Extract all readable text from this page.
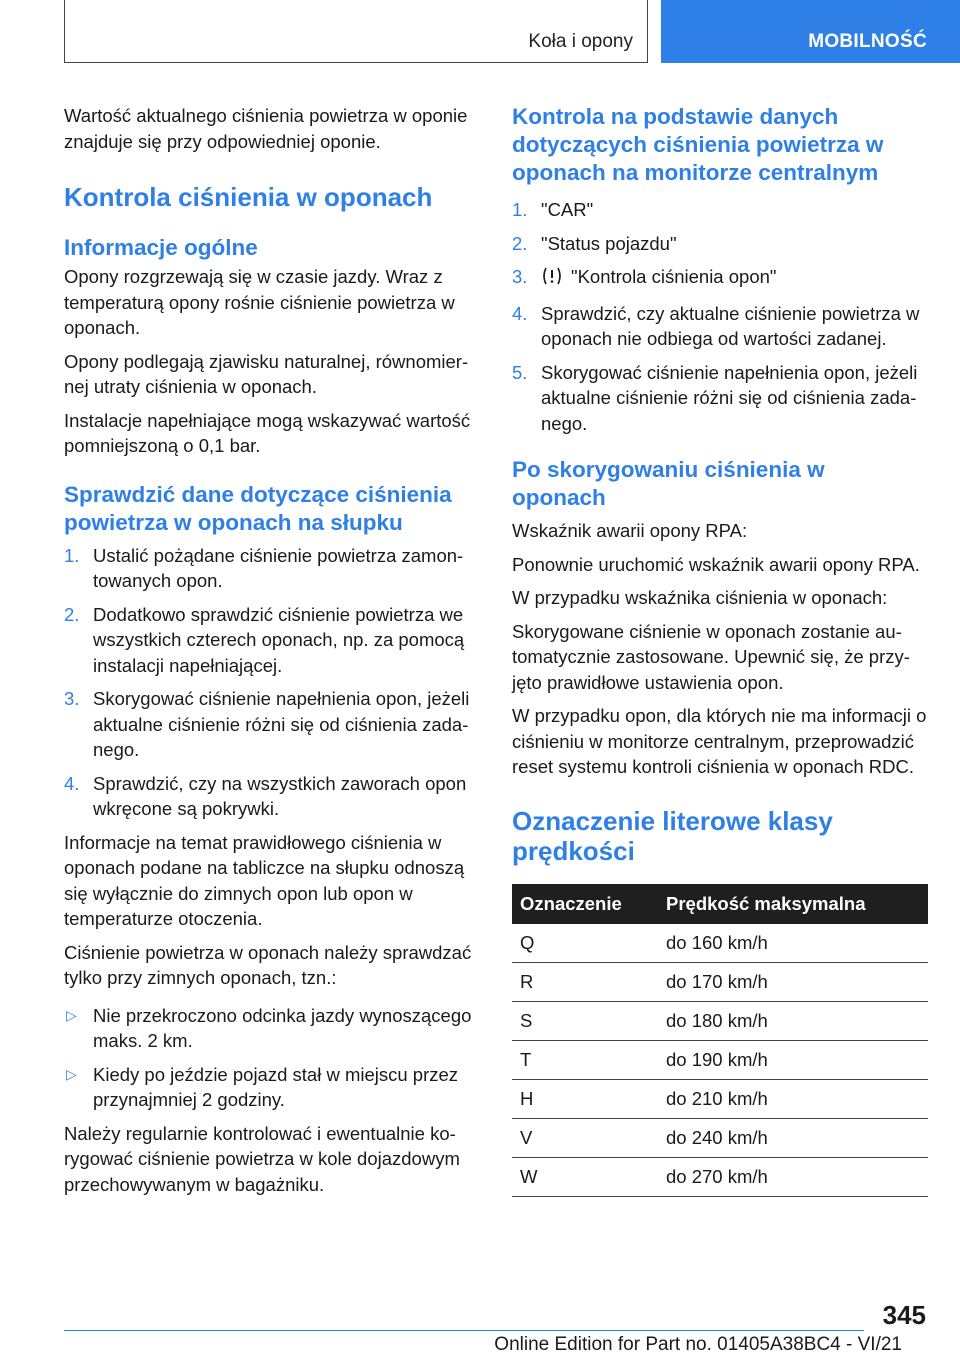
Koła i opony	MOBILNOŚĆ

Wartość aktualnego ciśnienia powietrza w oponie znajduje się przy odpowiedniej oponie.

Kontrola ciśnienia w oponach
Informacje ogólne

Opony rozgrzewają się w czasie jazdy. Wraz z temperaturą opony rośnie ciśnienie powietrza w oponach.

Opony podlegają zjawisku naturalnej, równomiernej utraty ciśnienia w oponach.

Instalacje napełniające mogą wskazywać wartość pomniejszoną o 0,1 bar.

Sprawdzić dane dotyczące ciśnienia powietrza w oponach na słupku
1. Ustalić pożądane ciśnienie powietrza zamontowanych opon.
2. Dodatkowo sprawdzić ciśnienie powietrza we wszystkich czterech oponach, np. za pomocą instalacji napełniającej.
3. Skorygować ciśnienie napełnienia opon, jeżeli aktualne ciśnienie różni się od ciśnienia zadanego.
4. Sprawdzić, czy na wszystkich zaworach opon wkręcone są pokrywki.

Informacje na temat prawidłowego ciśnienia w oponach podane na tabliczce na słupku odnoszą się wyłącznie do zimnych opon lub opon w temperaturze otoczenia.

Ciśnienie powietrza w oponach należy sprawdzać tylko przy zimnych oponach, tzn.:

▷ Nie przekroczono odcinka jazdy wynoszącego maks. 2 km.
▷ Kiedy po jeździe pojazd stał w miejscu przez przynajmniej 2 godziny.

Należy regularnie kontrolować i ewentualnie korygować ciśnienie powietrza w kole dojazdowym przechowywanym w bagażniku.

Kontrola na podstawie danych dotyczących ciśnienia powietrza w oponach na monitorze centralnym
1. "CAR"
2. "Status pojazdu"
3. "Kontrola ciśnienia opon"
4. Sprawdzić, czy aktualne ciśnienie powietrza w oponach nie odbiega od wartości zadanej.
5. Skorygować ciśnienie napełnienia opon, jeżeli aktualne ciśnienie różni się od ciśnienia zadanego.
Po skorygowaniu ciśnienia w oponach

Wskaźnik awarii opony RPA:

Ponownie uruchomić wskaźnik awarii opony RPA.

W przypadku wskaźnika ciśnienia w oponach:

Skorygowane ciśnienie w oponach zostanie automatycznie zastosowane. Upewnić się, że przyjęto prawidłowe ustawienia opon.

W przypadku opon, dla których nie ma informacji o ciśnieniu w monitorze centralnym, przeprowadzić reset systemu kontroli ciśnienia w oponach RDC.

Oznaczenie literowe klasy prędkości
Oznaczenie	Prędkość maksymalna
Q	do 160 km/h
R	do 170 km/h
S	do 180 km/h
T	do 190 km/h
H	do 210 km/h
V	do 240 km/h
W	do 270 km/h
345
Online Edition for Part no. 01405A38BC4 - VI/21
